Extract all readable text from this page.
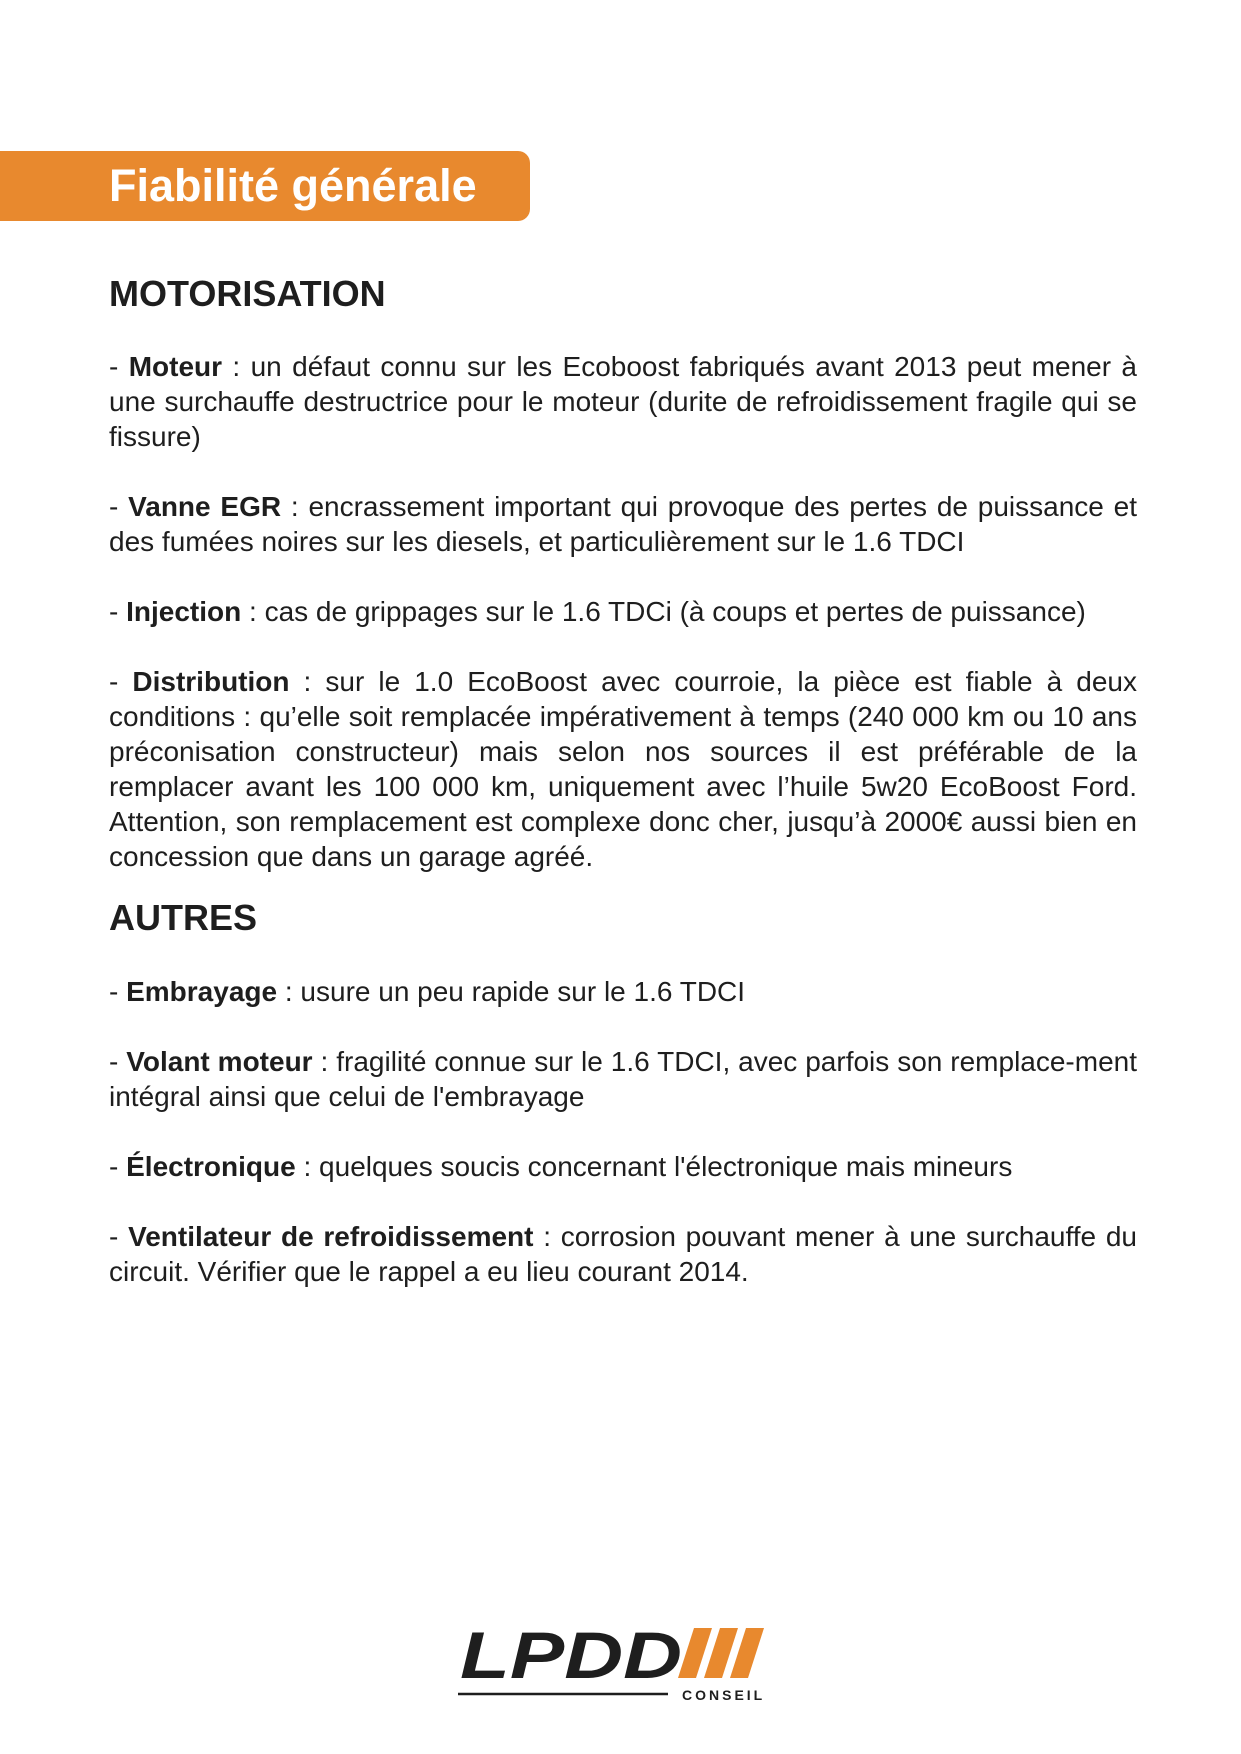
Fiabilité générale
MOTORISATION

- Moteur : un défaut connu sur les Ecoboost fabriqués avant 2013 peut mener à une surchauffe destructrice pour le moteur (durite de refroidissement fragile qui se fissure)

- Vanne EGR : encrassement important qui provoque des pertes de puissance et des fumées noires sur les diesels, et particulièrement sur le 1.6 TDCI

- Injection : cas de grippages sur le 1.6 TDCi (à coups et pertes de puissance)

- Distribution : sur le 1.0 EcoBoost avec courroie, la pièce est fiable à deux conditions : qu’elle soit remplacée impérativement à temps (240 000 km ou 10 ans préconisation constructeur) mais selon nos sources il est préférable de la remplacer avant les 100 000 km, uniquement avec l’huile 5w20 EcoBoost Ford. Attention, son remplacement est complexe donc cher, jusqu’à 2000€ aussi bien en concession que dans un garage agréé.

AUTRES

- Embrayage : usure un peu rapide sur le 1.6 TDCI

- Volant moteur : fragilité connue sur le 1.6 TDCI, avec parfois son remplace-ment intégral ainsi que celui de l'embrayage

- Électronique : quelques soucis concernant l'électronique mais mineurs

- Ventilateur de refroidissement : corrosion pouvant mener à une surchauffe du circuit. Vérifier que le rappel a eu lieu courant 2014.

LPDD
CONSEIL
